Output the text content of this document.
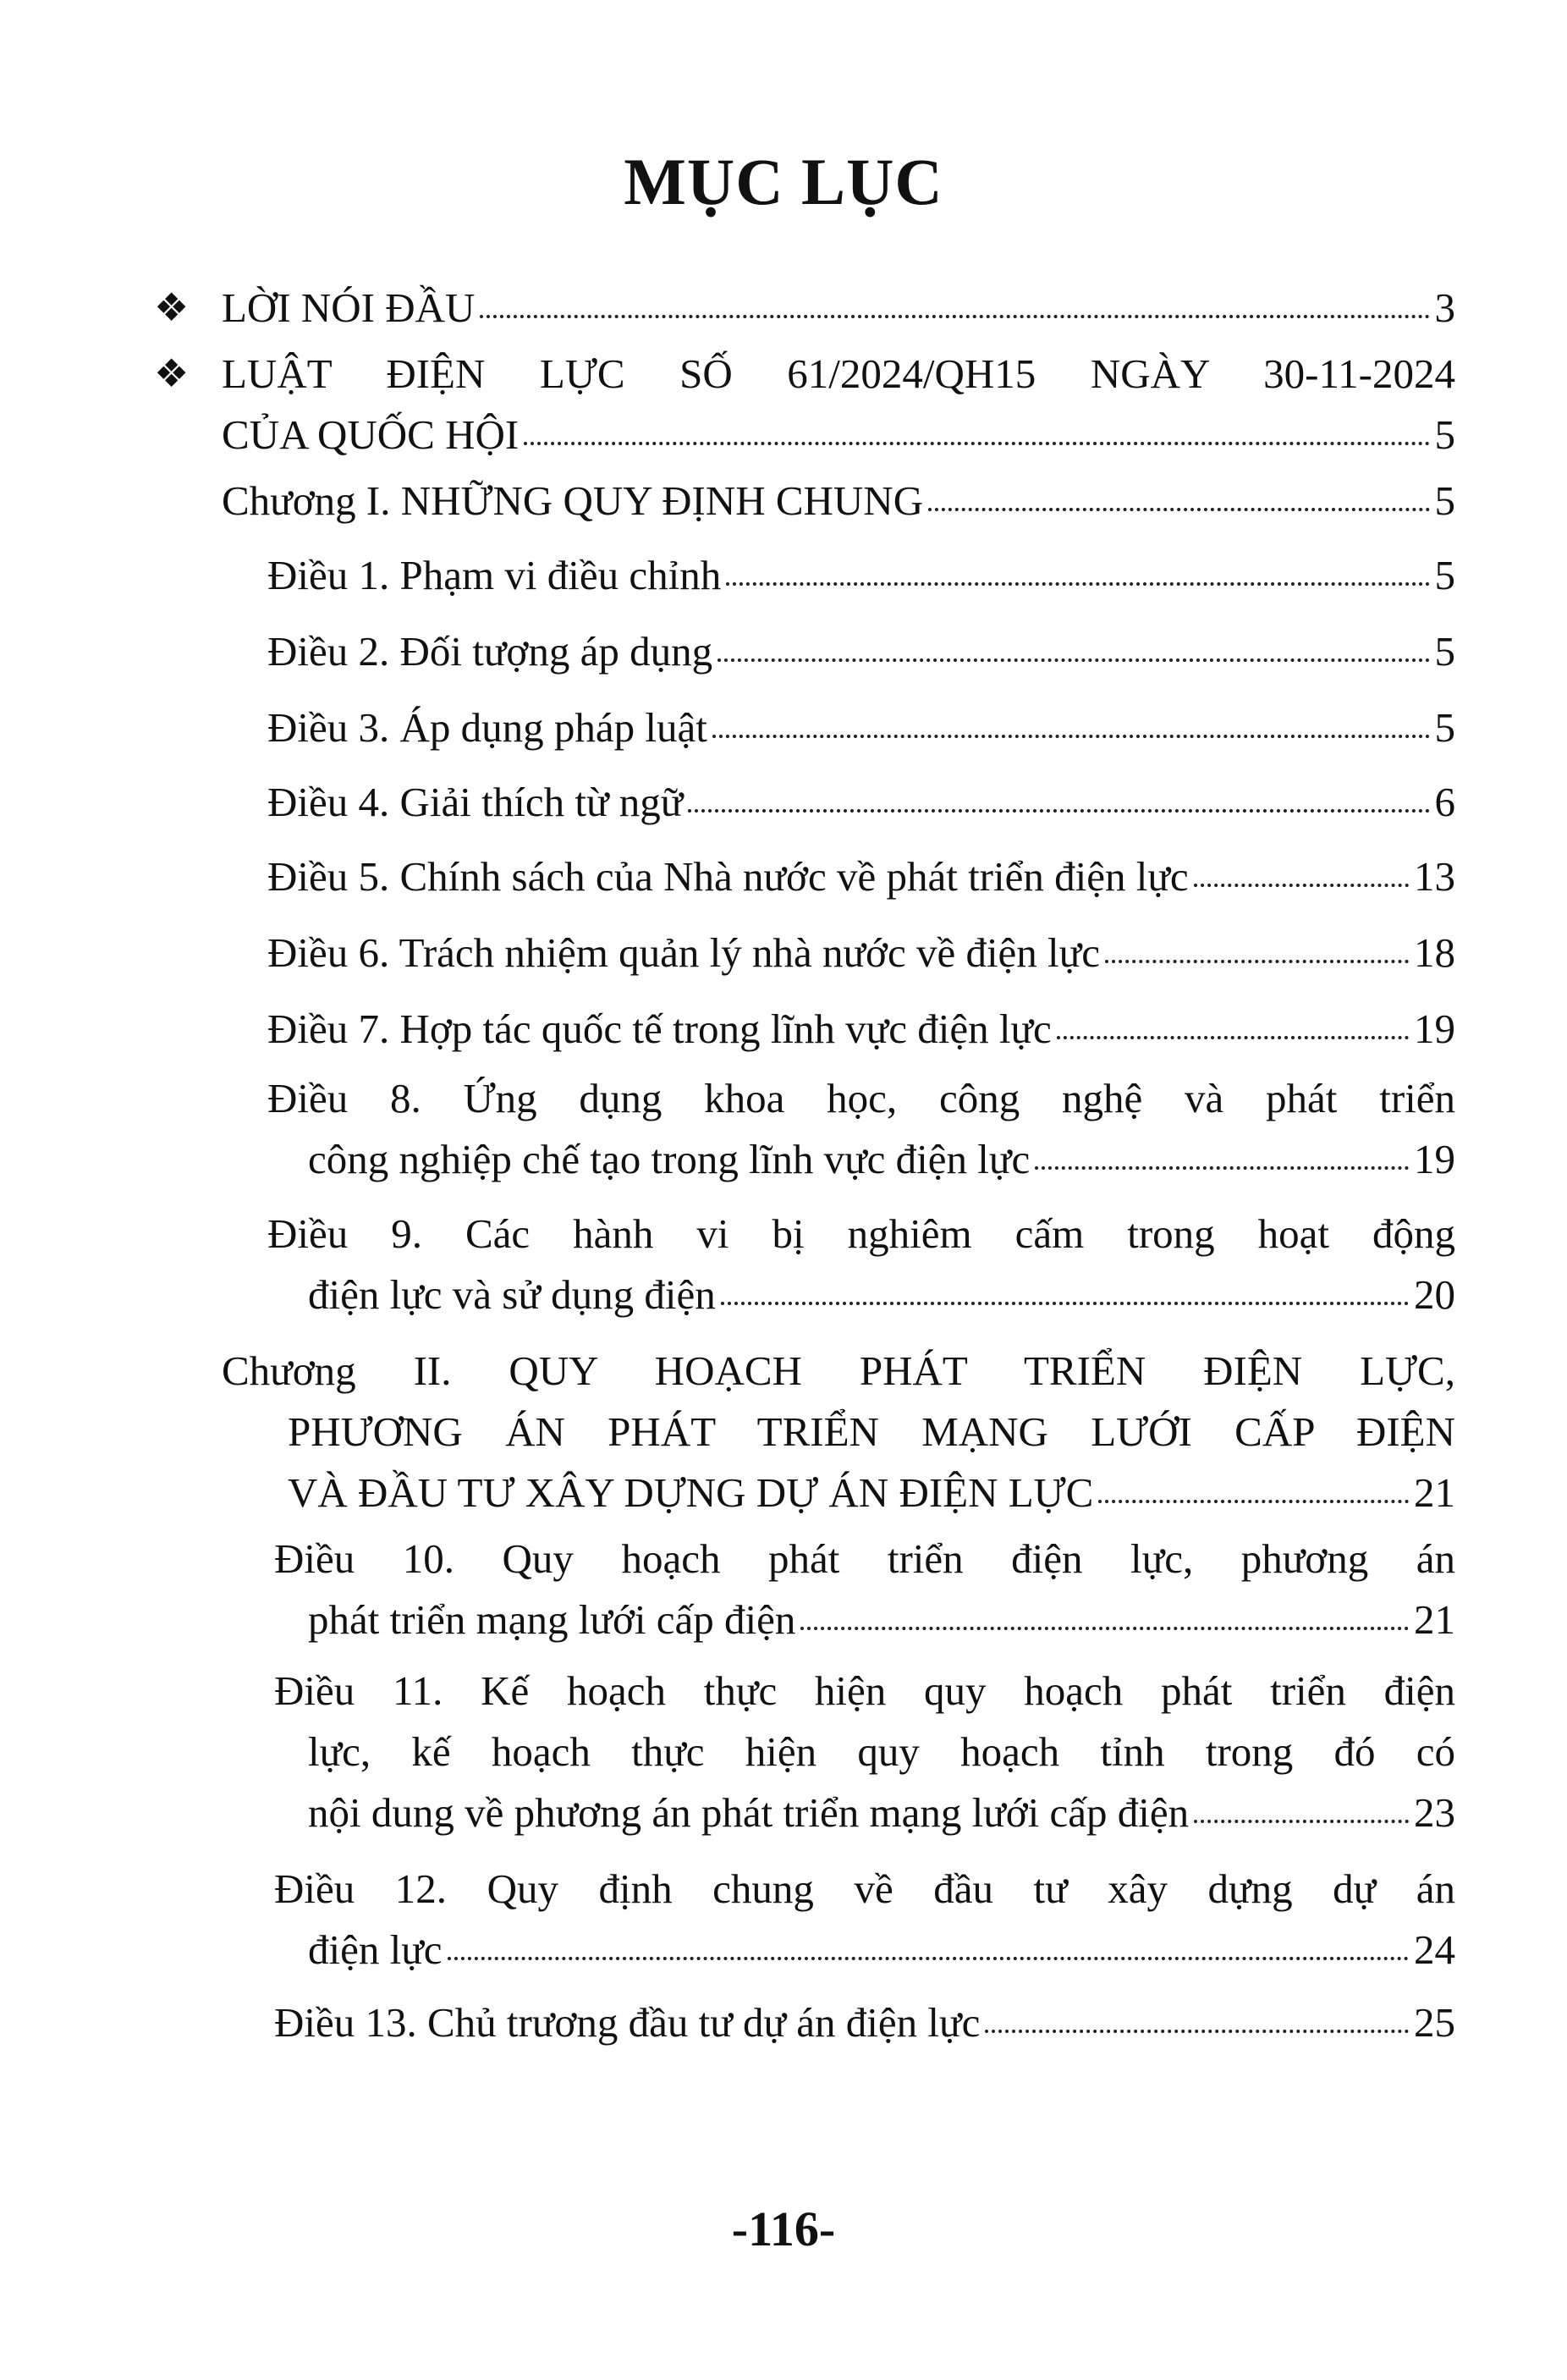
MỤC LỤC
❖ LỜI NÓI ĐẦU	3
❖ LUẬT ĐIỆN LỰC SỐ 61/2024/QH15 NGÀY 30-11-2024
CỦA QUỐC HỘI	5
Chương I. NHỮNG QUY ĐỊNH CHUNG	5
Điều 1. Phạm vi điều chỉnh	5
Điều 2. Đối tượng áp dụng	5
Điều 3. Áp dụng pháp luật	5
Điều 4. Giải thích từ ngữ	6
Điều 5. Chính sách của Nhà nước về phát triển điện lực	13
Điều 6. Trách nhiệm quản lý nhà nước về điện lực	18
Điều 7. Hợp tác quốc tế trong lĩnh vực điện lực	19
Điều 8. Ứng dụng khoa học, công nghệ và phát triển
công nghiệp chế tạo trong lĩnh vực điện lực	19
Điều 9. Các hành vi bị nghiêm cấm trong hoạt động
điện lực và sử dụng điện	20
Chương II. QUY HOẠCH PHÁT TRIỂN ĐIỆN LỰC,
PHƯƠNG ÁN PHÁT TRIỂN MẠNG LƯỚI CẤP ĐIỆN
VÀ ĐẦU TƯ XÂY DỰNG DỰ ÁN ĐIỆN LỰC	21
Điều 10. Quy hoạch phát triển điện lực, phương án
phát triển mạng lưới cấp điện	21
Điều 11. Kế hoạch thực hiện quy hoạch phát triển điện
lực, kế hoạch thực hiện quy hoạch tỉnh trong đó có
nội dung về phương án phát triển mạng lưới cấp điện	23
Điều 12. Quy định chung về đầu tư xây dựng dự án
điện lực	24
Điều 13. Chủ trương đầu tư dự án điện lực	25
-116-
